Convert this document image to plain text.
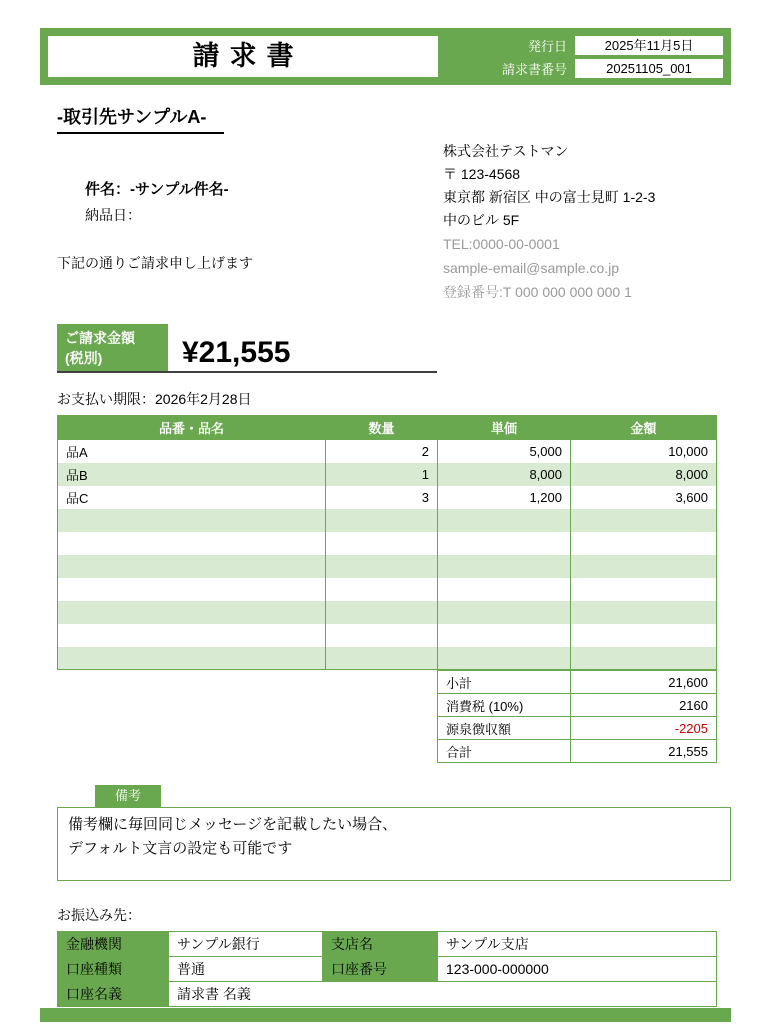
請求書	発行日	2025年11月5日
請求書番号	20251105_001
-取引先サンプルA-
件名：-サンプル件名-
納品日：
下記の通りご請求申し上げます
株式会社テストマン
〒 123-4568
東京都 新宿区 中の富士見町 1-2-3
中のビル 5F
TEL:0000-00-0001
sample-email@sample.co.jp
登録番号:T 000 000 000 000 1
ご請求金額
(税別)	¥21,555
お支払い期限：2026年2月28日
品番・品名	数量	単価	金額
品A	2	5,000	10,000
品B	1	8,000	8,000
品C	3	1,200	3,600

小計	21,600
消費税 (10%)	2160
源泉徴収額	-2205
合計	21,555
備考
備考欄に毎回同じメッセージを記載したい場合、
デフォルト文言の設定も可能です
お振込み先：
金融機関	サンプル銀行	支店名	サンプル支店
口座種類	普通	口座番号	123-000-000000
口座名義	請求書 名義		
